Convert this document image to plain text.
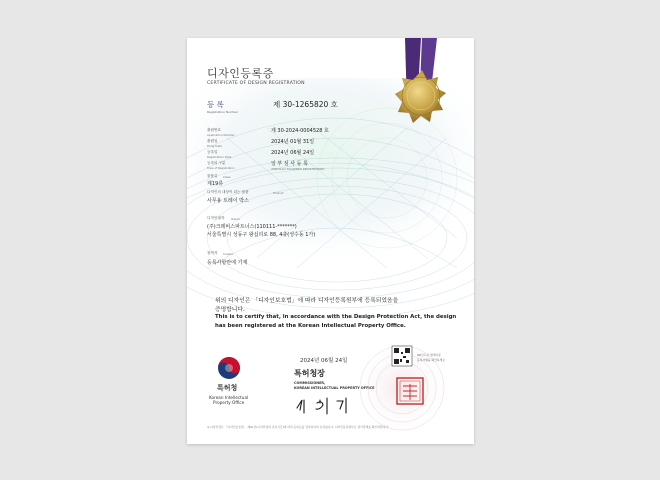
디자인등록증
CERTIFICATE OF DESIGN REGISTRATION
등 록
Registration Number
제 30-1265820 호
출원번호
Application Number
제 30-2024-0004528 호
출원일
Filing Date
2024년 01월 31일
등록일
Registration Date
2024년 06월 24일
등록의 구분
Type of Registration
일 부 심 사 등 록
(PARTIALLY EXAMINED REGISTRATION)
물품류 Class
제19류
디자인의 대상이 되는 물품	Product
사무용 트레이 박스
디자인권자 Owner
(주)크레비스파트너스(110111-*******)
서울특별시 성동구 왕십리로 88, 4층(성수동 1가)
창작자 Creator
등록사항란에 기재
위의 디자인은 「디자인보호법」에 따라 디자인등록원부에 등록되었음을
증명합니다.
This is to certify that, in accordance with the Design Protection Act, the design
has been registered at the Korean Intellectual Property Office.
2024년 06월 24일
특허청장
COMMISSIONER,
KOREAN INTELLECTUAL PROPERTY OFFICE
QR코드로 현재기준
등록사항을 확인하세요
특허청
Korean Intellectual
Property Office
※ 디자인권은 「디자인보호법」 제91조(디자인권의 존속기간)에 따라 등록료를 납부하여야 유지됩니다. 디자인등록원부로 권리관계를 확인바랍니다.
